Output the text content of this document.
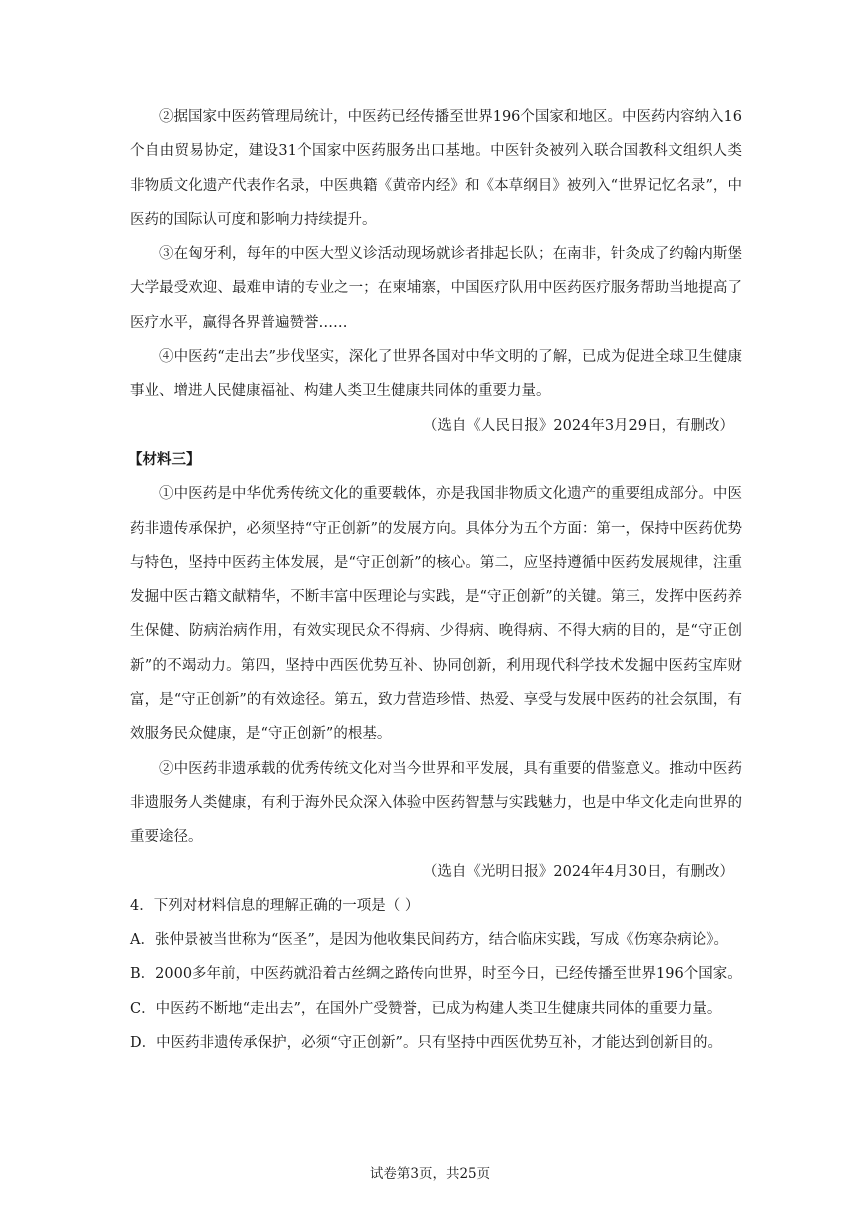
②据国家中医药管理局统计，中医药已经传播至世界196个国家和地区。中医药内容纳入16个自由贸易协定，建设31个国家中医药服务出口基地。中医针灸被列入联合国教科文组织人类非物质文化遗产代表作名录，中医典籍《黄帝内经》和《本草纲目》被列入“世界记忆名录”，中医药的国际认可度和影响力持续提升。

③在匈牙利，每年的中医大型义诊活动现场就诊者排起长队；在南非，针灸成了约翰内斯堡大学最受欢迎、最难申请的专业之一；在柬埔寨，中国医疗队用中医药医疗服务帮助当地提高了医疗水平，赢得各界普遍赞誉……

④中医药“走出去”步伐坚实，深化了世界各国对中华文明的了解，已成为促进全球卫生健康事业、增进人民健康福祉、构建人类卫生健康共同体的重要力量。

（选自《人民日报》2024年3月29日，有删改）

【材料三】

①中医药是中华优秀传统文化的重要载体，亦是我国非物质文化遗产的重要组成部分。中医药非遗传承保护，必须坚持“守正创新”的发展方向。具体分为五个方面：第一，保持中医药优势与特色，坚持中医药主体发展，是“守正创新”的核心。第二，应坚持遵循中医药发展规律，注重发掘中医古籍文献精华，不断丰富中医理论与实践，是“守正创新”的关键。第三，发挥中医药养生保健、防病治病作用，有效实现民众不得病、少得病、晚得病、不得大病的目的，是“守正创新”的不竭动力。第四，坚持中西医优势互补、协同创新，利用现代科学技术发掘中医药宝库财富，是“守正创新”的有效途径。第五，致力营造珍惜、热爱、享受与发展中医药的社会氛围，有效服务民众健康，是“守正创新”的根基。

②中医药非遗承载的优秀传统文化对当今世界和平发展，具有重要的借鉴意义。推动中医药非遗服务人类健康，有利于海外民众深入体验中医药智慧与实践魅力，也是中华文化走向世界的重要途径。

（选自《光明日报》2024年4月30日，有删改）

4．下列对材料信息的理解正确的一项是（ ）

A．张仲景被当世称为“医圣”，是因为他收集民间药方，结合临床实践，写成《伤寒杂病论》。

B．2000多年前，中医药就沿着古丝绸之路传向世界，时至今日，已经传播至世界196个国家。

C．中医药不断地“走出去”，在国外广受赞誉，已成为构建人类卫生健康共同体的重要力量。

D．中医药非遗传承保护，必须“守正创新”。只有坚持中西医优势互补，才能达到创新目的。

试卷第3页，共25页
